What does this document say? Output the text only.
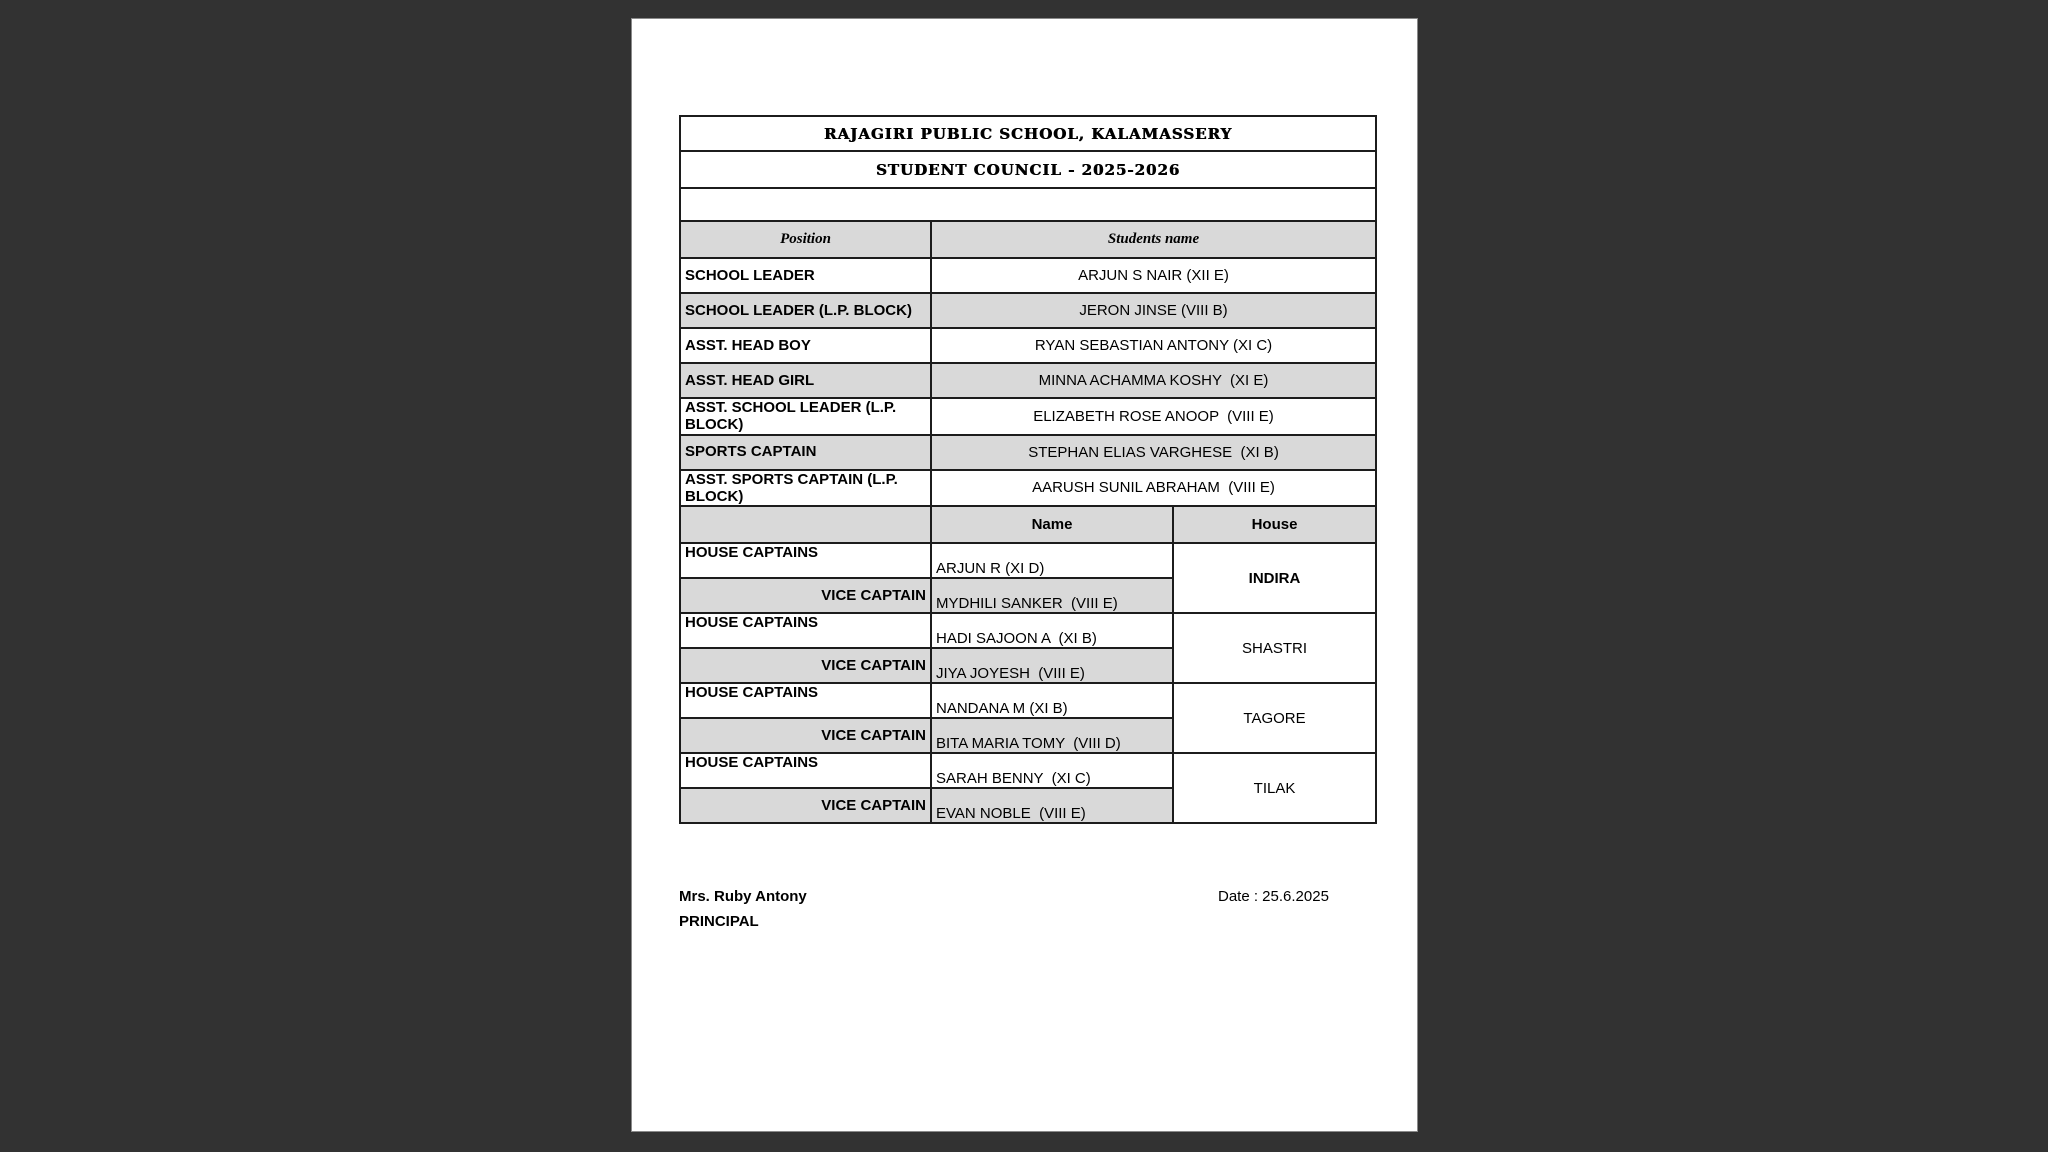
RAJAGIRI PUBLIC SCHOOL, KALAMASSERY		
STUDENT COUNCIL - 2025-2026		

Position	Students name	
SCHOOL LEADER	ARJUN S NAIR (XII E)	
SCHOOL LEADER (L.P. BLOCK)	JERON JINSE (VIII B)	
ASST. HEAD BOY	RYAN SEBASTIAN ANTONY (XI C)	
ASST. HEAD GIRL	MINNA ACHAMMA KOSHY  (XI E)	
ASST. SCHOOL LEADER (L.P. BLOCK)	ELIZABETH ROSE ANOOP  (VIII E)	
SPORTS CAPTAIN	STEPHAN ELIAS VARGHESE  (XI B)	
ASST. SPORTS CAPTAIN (L.P. BLOCK)	AARUSH SUNIL ABRAHAM  (VIII E)	
	Name	House
HOUSE CAPTAINS	ARJUN R (XI D)	INDIRA
VICE CAPTAIN	MYDHILI SANKER  (VIII E)	
HOUSE CAPTAINS	HADI SAJOON A  (XI B)	SHASTRI
VICE CAPTAIN	JIYA JOYESH  (VIII E)	
HOUSE CAPTAINS	NANDANA M (XI B)	TAGORE
VICE CAPTAIN	BITA MARIA TOMY  (VIII D)	
HOUSE CAPTAINS	SARAH BENNY  (XI C)	TILAK
VICE CAPTAIN	EVAN NOBLE  (VIII E)	
Mrs. Ruby Antony
PRINCIPAL
Date : 25.6.2025
